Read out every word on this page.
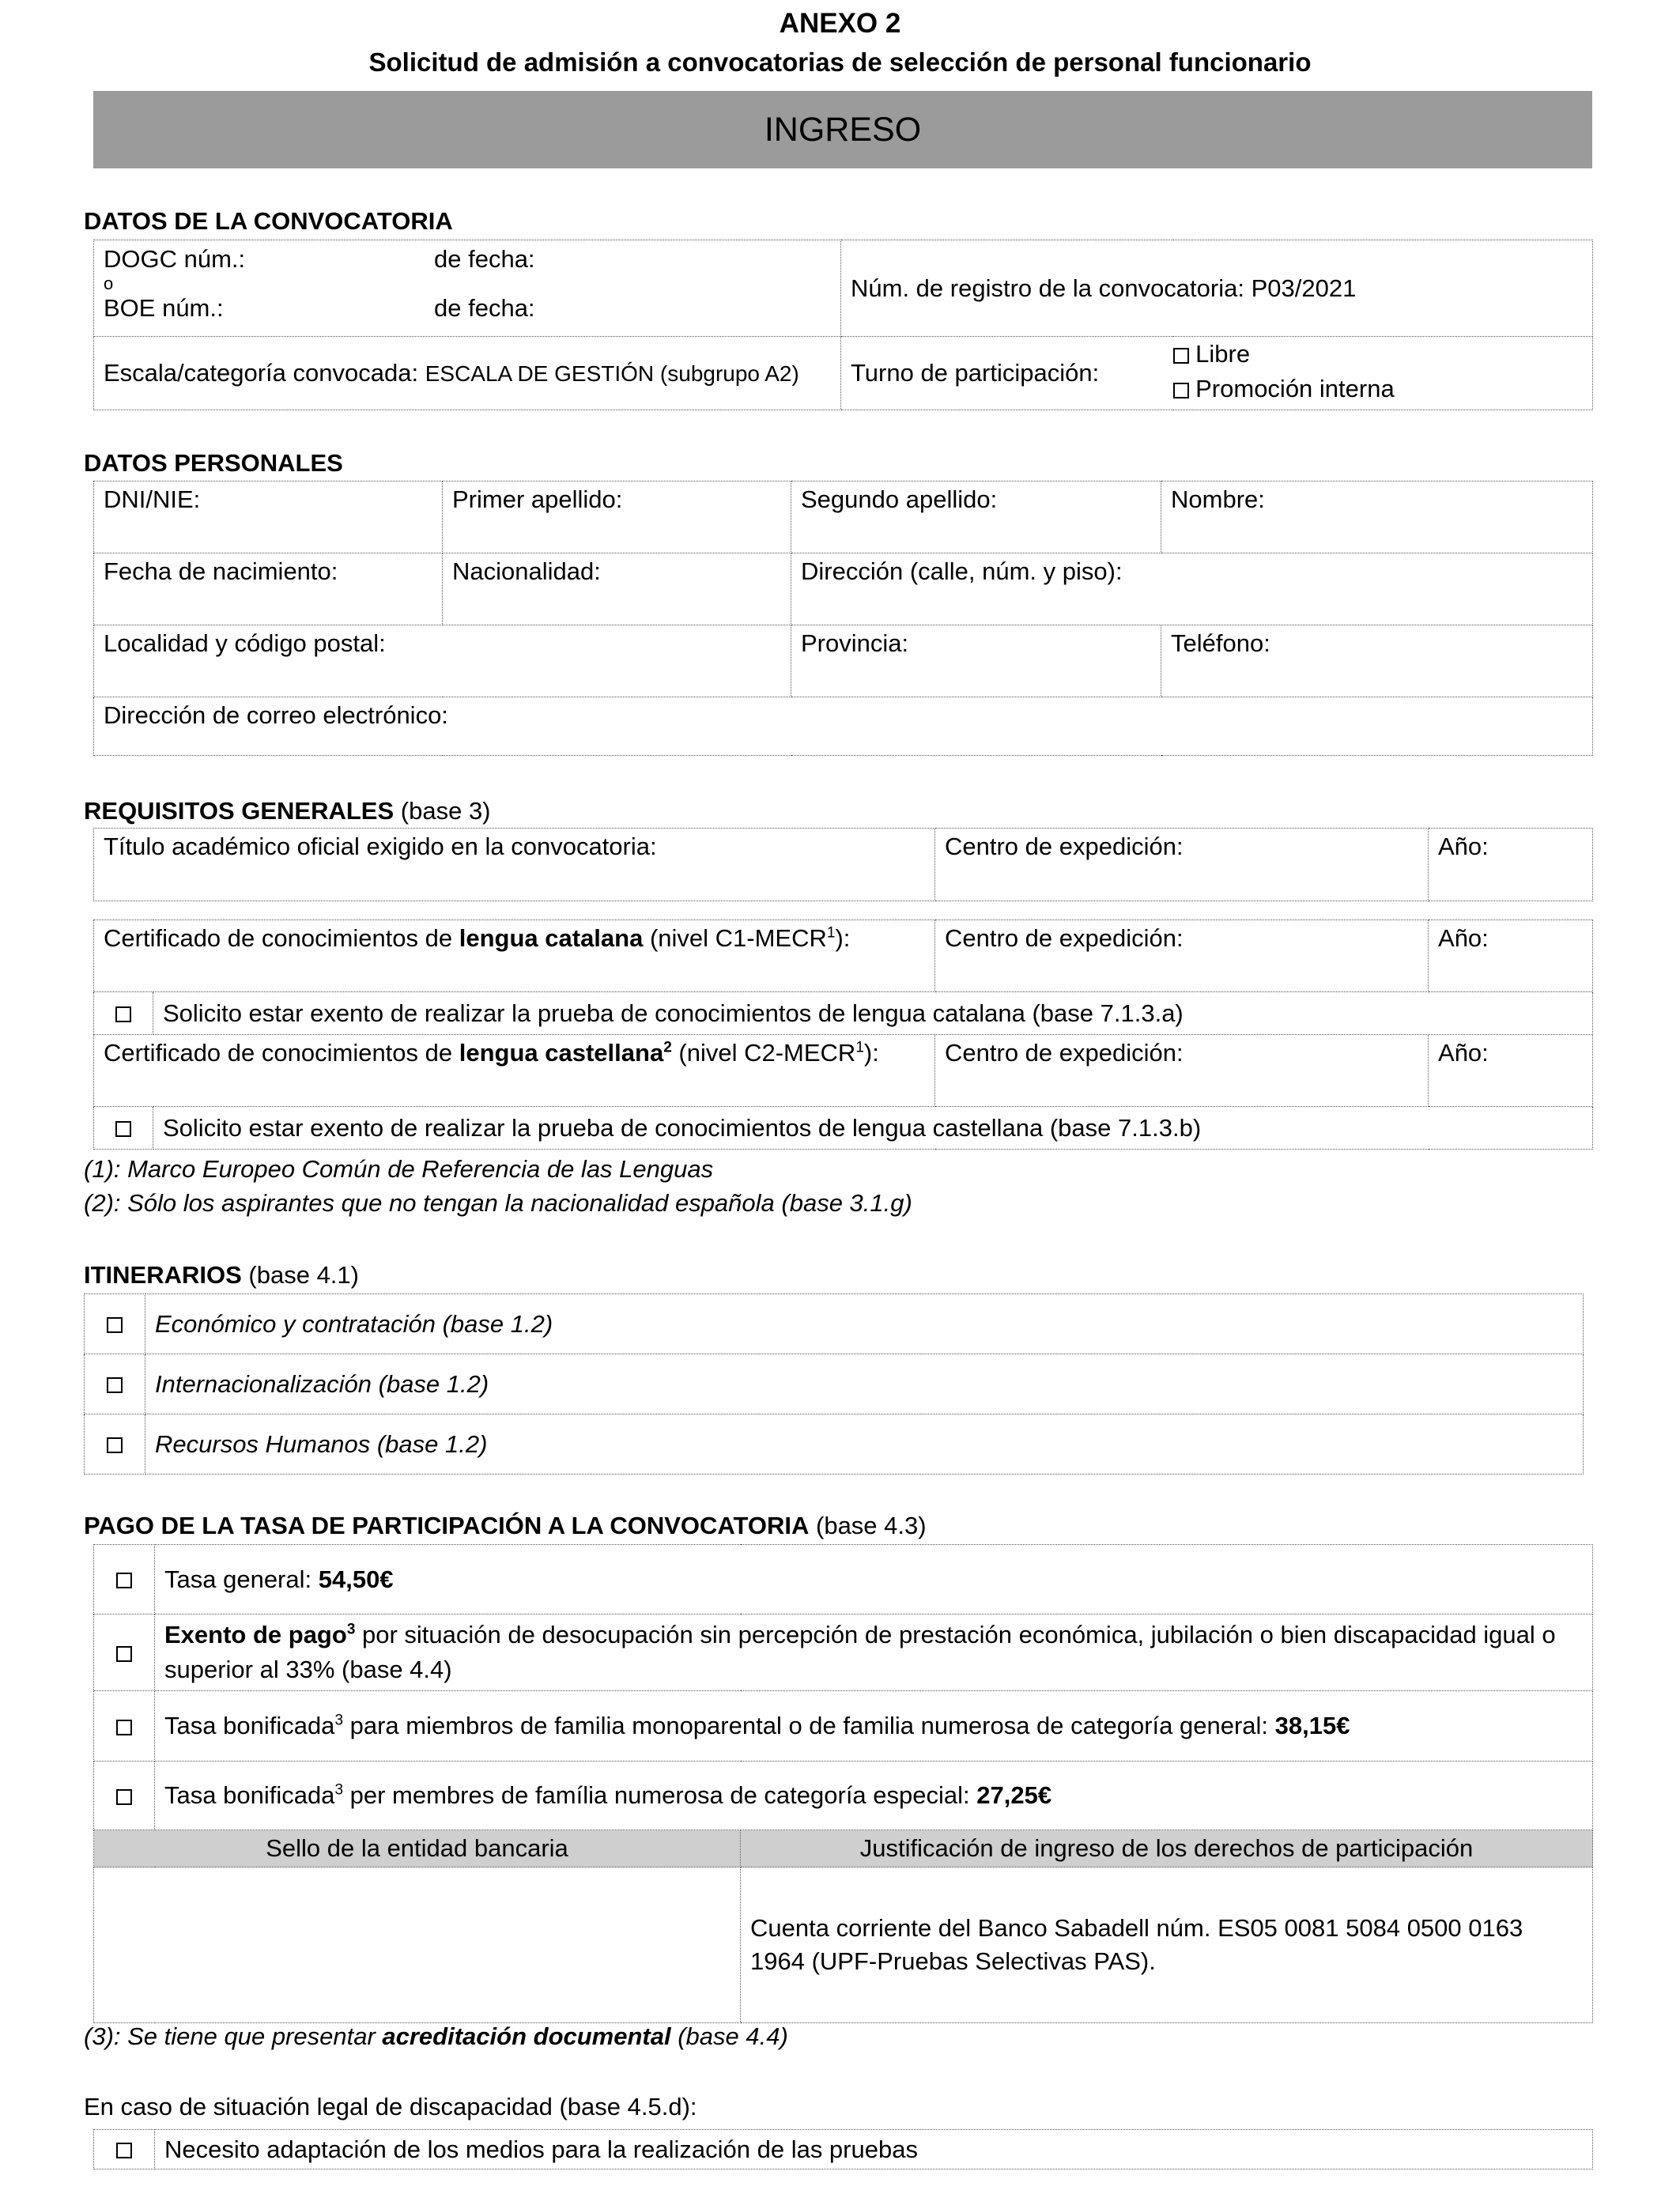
ANEXO 2
Solicitud de admisión a convocatorias de selección de personal funcionario
INGRESO
DATOS DE LA CONVOCATORIA
DOGC núm.: de fecha:
o
BOE núm.: de fecha:	Núm. de registro de la convocatoria: P03/2021	
Escala/categoría convocada: ESCALA DE GESTIÓN (subgrupo A2)	Turno de participación:	Libre
Promoción interna
DATOS PERSONALES
DNI/NIE:	Primer apellido:	Segundo apellido:	Nombre:
Fecha de nacimiento:	Nacionalidad:	Dirección (calle, núm. y piso):	
Localidad y código postal:		Provincia:	Teléfono:
Dirección de correo electrónico:			
REQUISITOS GENERALES (base 3)
Título académico oficial exigido en la convocatoria:	Centro de expedición:	Año:
Certificado de conocimientos de lengua catalana (nivel C1-MECR$^1$):		Centro de expedición:	Año:
	Solicito estar exento de realizar la prueba de conocimientos de lengua catalana (base 7.1.3.a)		
Certificado de conocimientos de lengua castellana$^2$ (nivel C2-MECR$^1$):		Centro de expedición:	Año:
	Solicito estar exento de realizar la prueba de conocimientos de lengua castellana (base 7.1.3.b)		
(1): Marco Europeo Común de Referencia de las Lenguas
(2): Sólo los aspirantes que no tengan la nacionalidad española (base 3.1.g)
ITINERARIOS (base 4.1)
	Económico y contratación (base 1.2)
	Internacionalización (base 1.2)
	Recursos Humanos (base 1.2)
PAGO DE LA TASA DE PARTICIPACIÓN A LA CONVOCATORIA (base 4.3)
	Tasa general: 54,50€	
	Exento de pago$^3$ por situación de desocupación sin percepción de prestación económica, jubilación o bien discapacidad igual o superior al 33% (base 4.4)	
	Tasa bonificada$^3$ para miembros de familia monoparental o de familia numerosa de categoría general: 38,15€	
	Tasa bonificada$^3$ per membres de família numerosa de categoría especial: 27,25€	
Sello de la entidad bancaria		Justificación de ingreso de los derechos de participación
		Cuenta corriente del Banco Sabadell núm. ES05 0081 5084 0500 0163 1964 (UPF-Pruebas Selectivas PAS).
(3): Se tiene que presentar acreditación documental (base 4.4)
En caso de situación legal de discapacidad (base 4.5.d):
	Necesito adaptación de los medios para la realización de las pruebas
